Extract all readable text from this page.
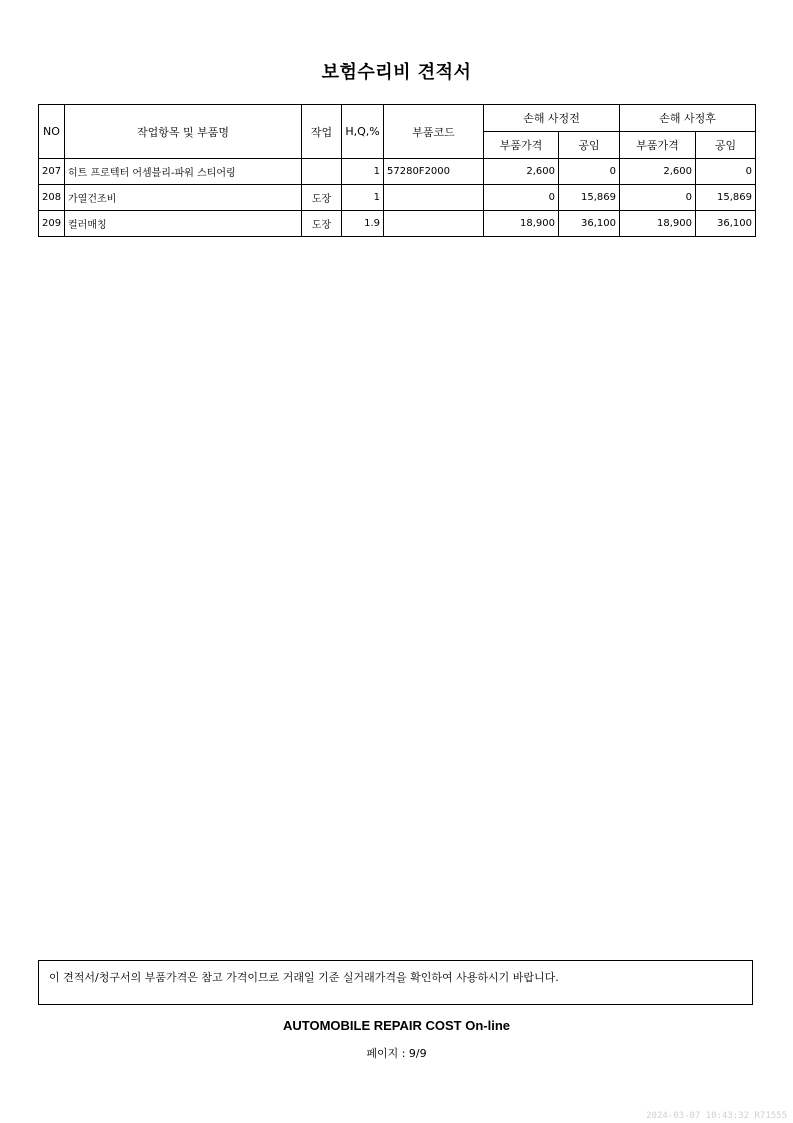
보험수리비 견적서
NO	작업항목 및 부품명	작업	H,Q,%	부품코드	손해 사정전		손해 사정후	
					부품가격	공임	부품가격	공임
207	히트 프로텍터 어셈블리-파워 스티어링		1	57280F2000	2,600	0	2,600	0
208	가열건조비	도장	1		0	15,869	0	15,869
209	컬러매칭	도장	1.9		18,900	36,100	18,900	36,100
이 견적서/청구서의 부품가격은 참고 가격이므로 거래일 기준 실거래가격을 확인하여 사용하시기 바랍니다.
AUTOMOBILE REPAIR COST On-line
페이지 : 9/9
2024-03-07 10:43:32 R71555
